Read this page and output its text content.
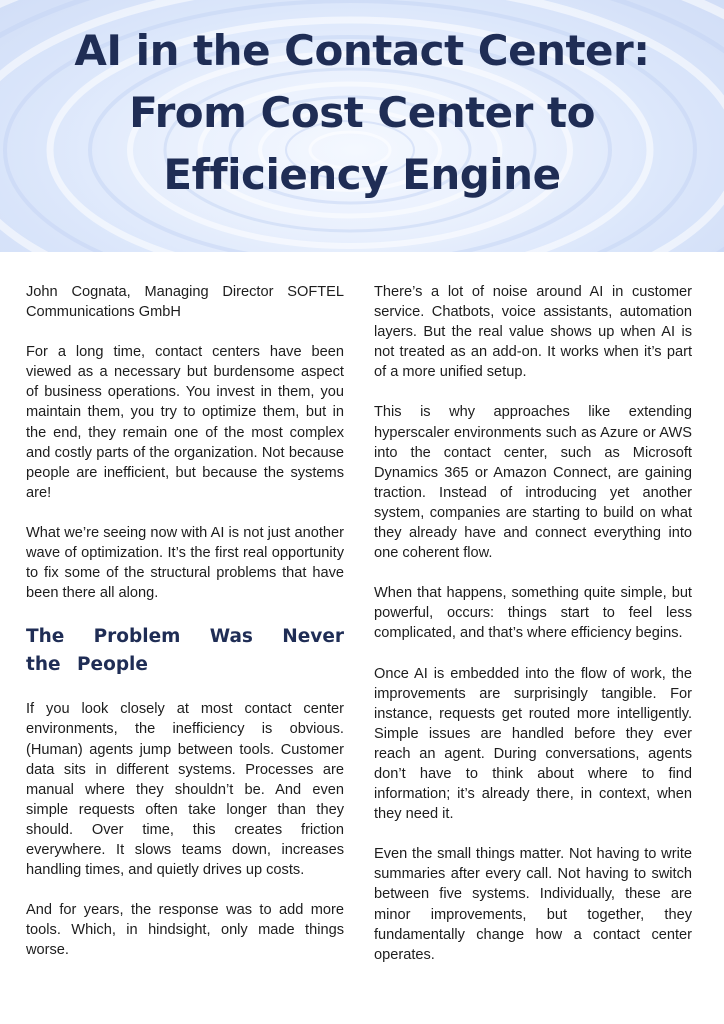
AI in the Contact Center:
From Cost Center to
Efficiency Engine

John Cognata, Managing Director SOFTEL Communications GmbH

For a long time, contact centers have been viewed as a necessary but burdensome aspect of business operations. You invest in them, you maintain them, you try to optimize them, but in the end, they remain one of the most complex and costly parts of the organization. Not because people are inefficient, but because the systems are!

What we’re seeing now with AI is not just another wave of optimization. It’s the first real opportunity to fix some of the structural problems that have been there all along.

The Problem Was Never the People

If you look closely at most contact center environments, the inefficiency is obvious. (Human) agents jump between tools. Customer data sits in different systems. Processes are manual where they shouldn’t be. And even simple requests often take longer than they should. Over time, this creates friction everywhere. It slows teams down, increases handling times, and quietly drives up costs.

And for years, the response was to add more tools. Which, in hindsight, only made things worse.

There’s a lot of noise around AI in customer service. Chatbots, voice assistants, automation layers. But the real value shows up when AI is not treated as an add-on. It works when it’s part of a more unified setup.

This is why approaches like extending hyperscaler environments such as Azure or AWS into the contact center, such as Microsoft Dynamics 365 or Amazon Connect, are gaining traction. Instead of introducing yet another system, companies are starting to build on what they already have and connect everything into one coherent flow.

When that happens, something quite simple, but powerful, occurs: things start to feel less complicated, and that’s where efficiency begins.

Once AI is embedded into the flow of work, the improvements are surprisingly tangible. For instance, requests get routed more intelligently. Simple issues are handled before they ever reach an agent. During conversations, agents don’t have to think about where to find information; it’s already there, in context, when they need it.

Even the small things matter. Not having to write summaries after every call. Not having to switch between five systems. Individually, these are minor improvements, but together, they fundamentally change how a contact center operates.
